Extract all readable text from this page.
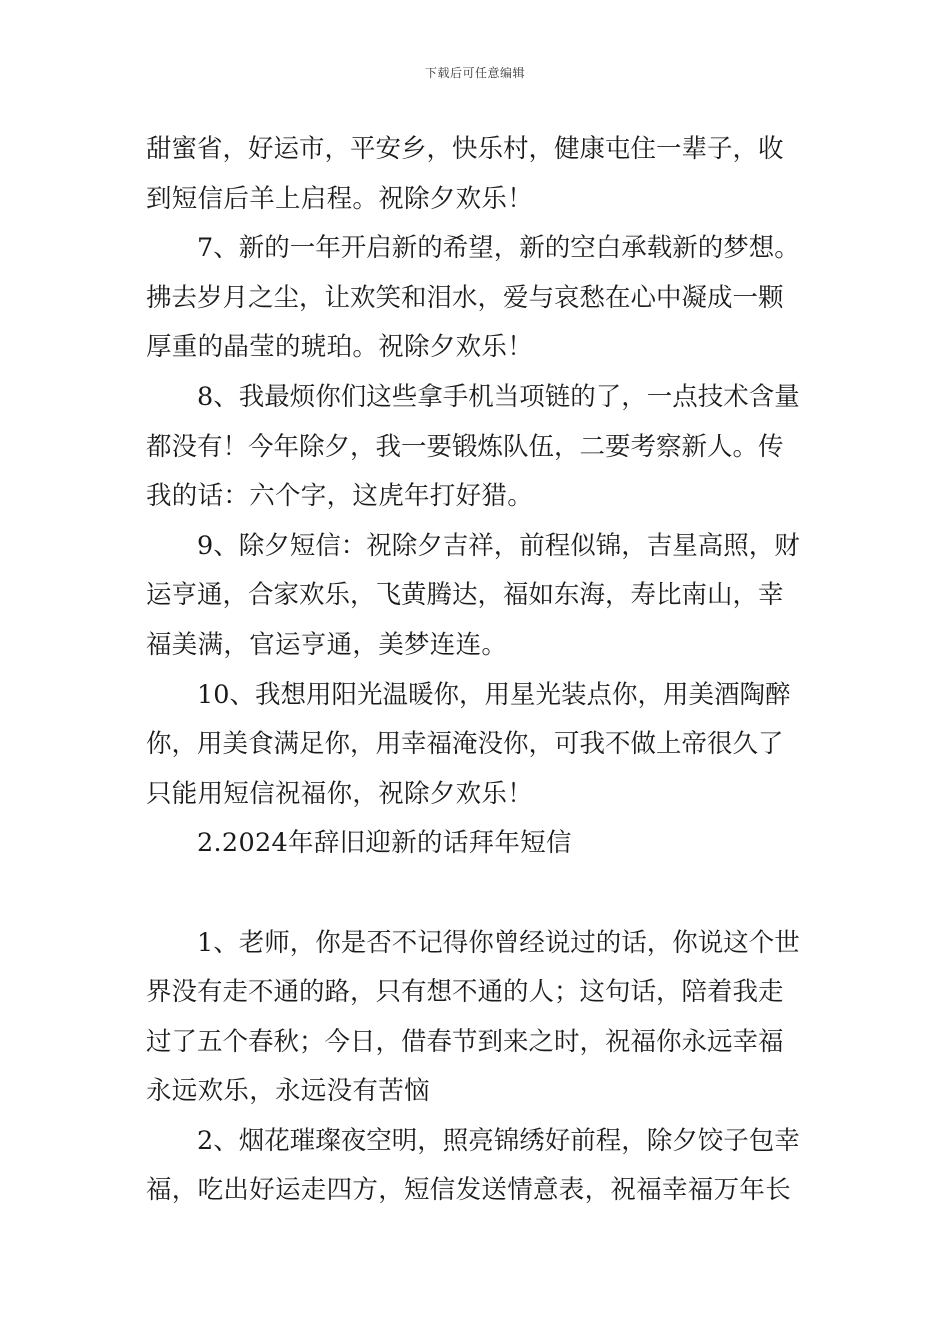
下载后可任意编辑

甜蜜省，好运市，平安乡，快乐村，健康屯住一辈子，收
到短信后羊上启程。祝除夕欢乐！

7、新的一年开启新的希望，新的空白承载新的梦想。
拂去岁月之尘，让欢笑和泪水，爱与哀愁在心中凝成一颗
厚重的晶莹的琥珀。祝除夕欢乐！

8、我最烦你们这些拿手机当项链的了，一点技术含量
都没有！今年除夕，我一要锻炼队伍，二要考察新人。传
我的话：六个字，这虎年打好猎。

9、除夕短信：祝除夕吉祥，前程似锦，吉星高照，财
运亨通，合家欢乐，飞黄腾达，福如东海，寿比南山，幸
福美满，官运亨通，美梦连连。

10、我想用阳光温暖你，用星光装点你，用美酒陶醉
你，用美食满足你，用幸福淹没你，可我不做上帝很久了
只能用短信祝福你，祝除夕欢乐！

2.2024年辞旧迎新的话拜年短信

1、老师，你是否不记得你曾经说过的话，你说这个世
界没有走不通的路，只有想不通的人；这句话，陪着我走
过了五个春秋；今日，借春节到来之时，祝福你永远幸福
永远欢乐，永远没有苦恼

2、烟花璀璨夜空明，照亮锦绣好前程，除夕饺子包幸
福，吃出好运走四方，短信发送情意表，祝福幸福万年长
